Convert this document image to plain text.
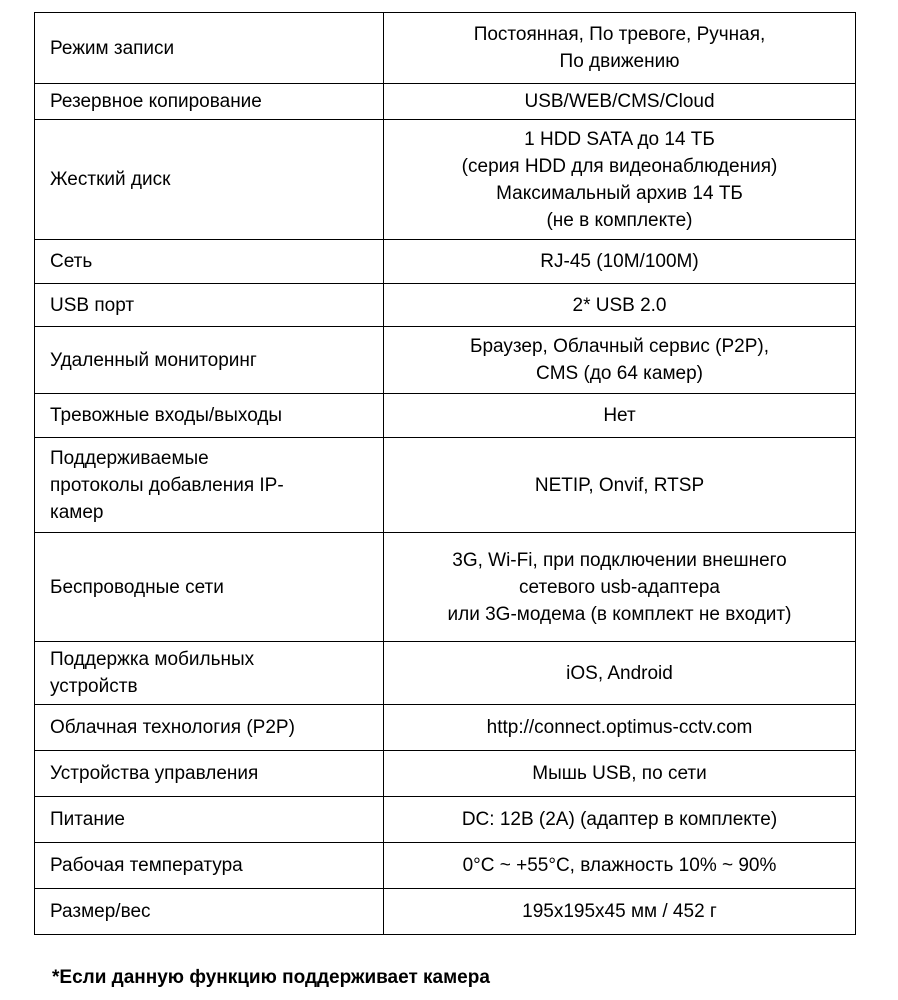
Режим записи	Постоянная, По тревоге, Ручная,
По движению

Резервное копирование	USB/WEB/CMS/Cloud

Жесткий диск	1 HDD SATA до 14 ТБ
(серия HDD для видеонаблюдения)
Максимальный архив 14 ТБ
(не в комплекте)

Сеть	RJ-45 (10M/100M)

USB порт	2* USB 2.0

Удаленный мониторинг	Браузер, Облачный сервис (P2P),
CMS (до 64 камер)

Тревожные входы/выходы	Нет

Поддерживаемые
протоколы добавления IP-
камер	NETIP, Onvif, RTSP

Беспроводные сети	3G, Wi-Fi, при подключении внешнего
сетевого usb-адаптера
или 3G-модема (в комплект не входит)

Поддержка мобильных
устройств	iOS, Android

Облачная технология (P2P)	http://connect.optimus-cctv.com

Устройства управления	Мышь USB, по сети

Питание	DC: 12В (2А) (адаптер в комплекте)

Рабочая температура	0°C ~ +55°C, влажность 10% ~ 90%

Размер/вес	195x195x45 мм / 452 г
*Если данную функцию поддерживает камера
